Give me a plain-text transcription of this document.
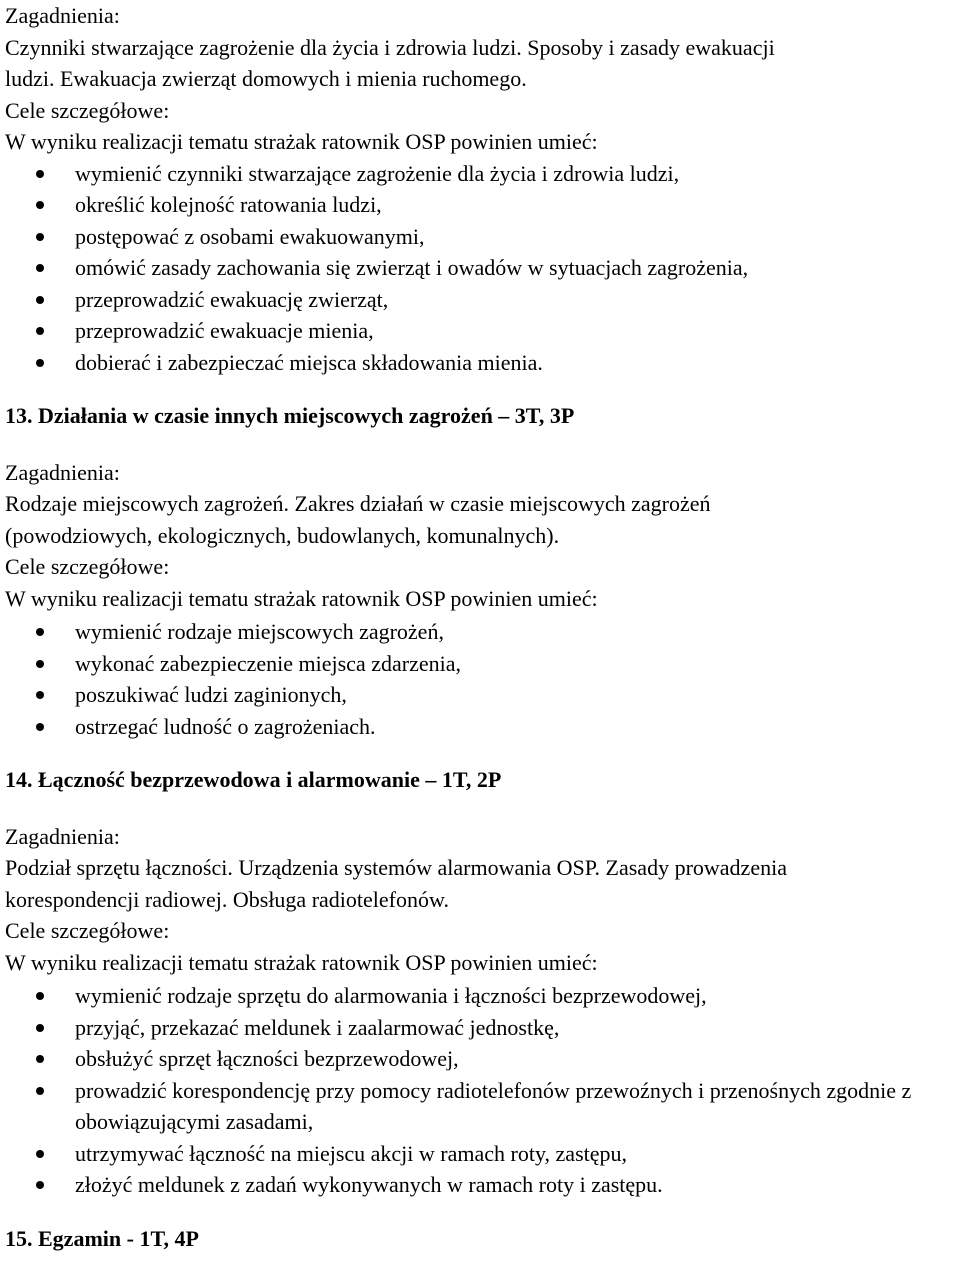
Zagadnienia:

Czynniki stwarzające zagrożenie dla życia i zdrowia ludzi. Sposoby i zasady ewakuacji

ludzi. Ewakuacja zwierząt domowych i mienia ruchomego.

Cele szczegółowe:

W wyniku realizacji tematu strażak ratownik OSP powinien umieć:

wymienić czynniki stwarzające zagrożenie dla życia i zdrowia ludzi,
określić kolejność ratowania ludzi,
postępować z osobami ewakuowanymi,
omówić zasady zachowania się zwierząt i owadów w sytuacjach zagrożenia,
przeprowadzić ewakuację zwierząt,
przeprowadzić ewakuacje mienia,
dobierać i zabezpieczać miejsca składowania mienia.

13. Działania w czasie innych miejscowych zagrożeń – 3T, 3P

Zagadnienia:

Rodzaje miejscowych zagrożeń. Zakres działań w czasie miejscowych zagrożeń

(powodziowych, ekologicznych, budowlanych, komunalnych).

Cele szczegółowe:

W wyniku realizacji tematu strażak ratownik OSP powinien umieć:

wymienić rodzaje miejscowych zagrożeń,
wykonać zabezpieczenie miejsca zdarzenia,
poszukiwać ludzi zaginionych,
ostrzegać ludność o zagrożeniach.

14. Łączność bezprzewodowa i alarmowanie – 1T, 2P

Zagadnienia:

Podział sprzętu łączności. Urządzenia systemów alarmowania OSP. Zasady prowadzenia

korespondencji radiowej. Obsługa radiotelefonów.

Cele szczegółowe:

W wyniku realizacji tematu strażak ratownik OSP powinien umieć:

wymienić rodzaje sprzętu do alarmowania i łączności bezprzewodowej,
przyjąć, przekazać meldunek i zaalarmować jednostkę,
obsłużyć sprzęt łączności bezprzewodowej,
prowadzić korespondencję przy pomocy radiotelefonów przewoźnych i przenośnych zgodnie z obowiązującymi zasadami,
utrzymywać łączność na miejscu akcji w ramach roty, zastępu,
złożyć meldunek z zadań wykonywanych w ramach roty i zastępu.

15. Egzamin - 1T, 4P
